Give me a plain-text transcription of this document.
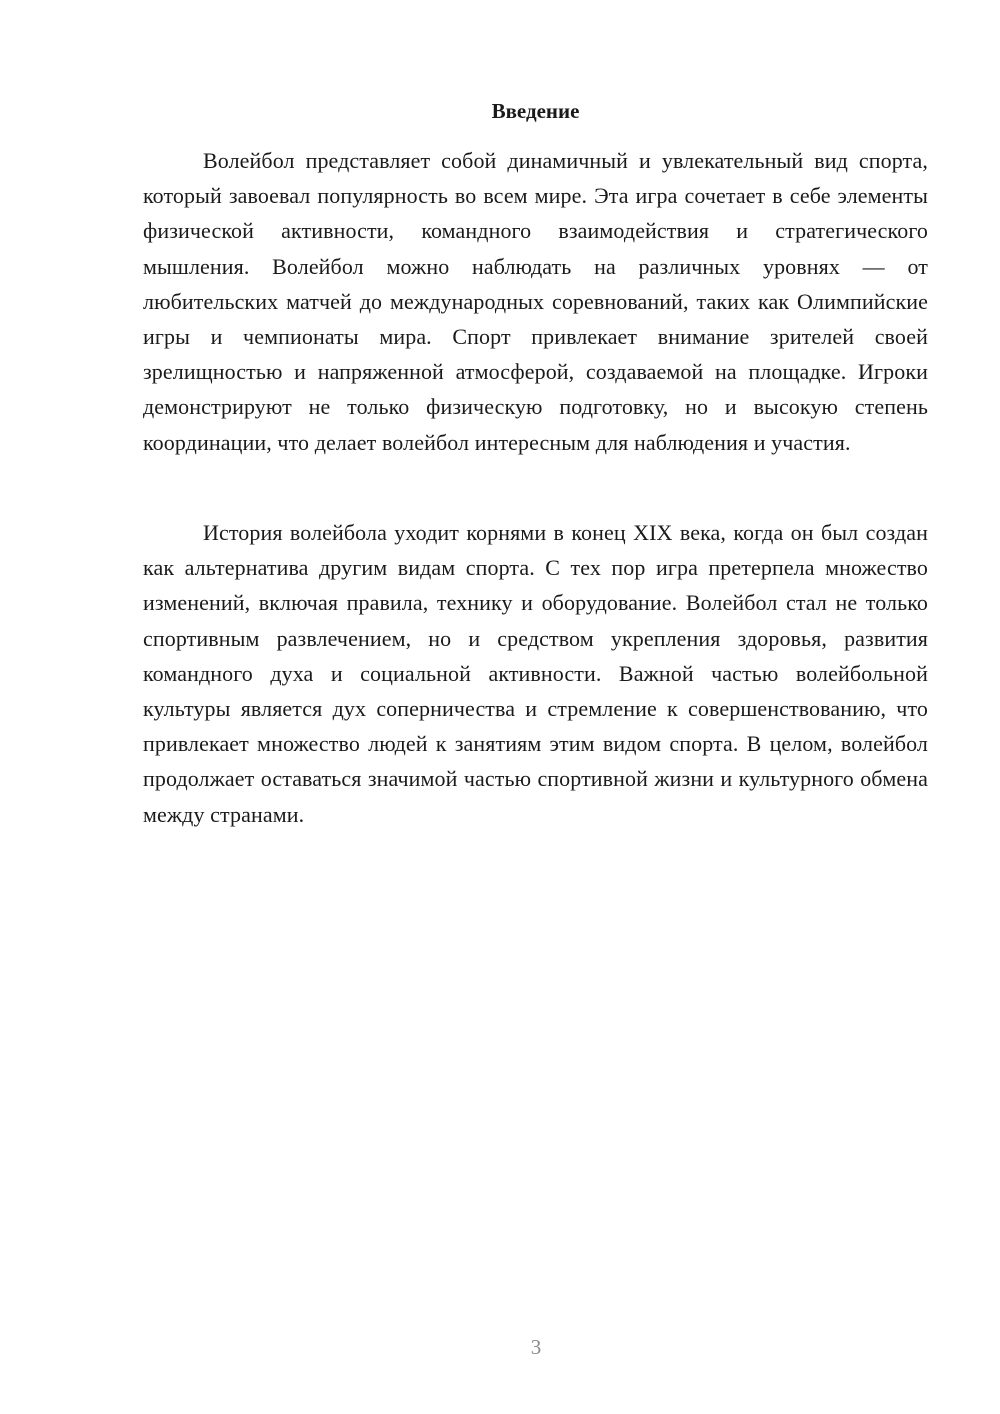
Введение

Волейбол представляет собой динамичный и увлекательный вид спорта, который завоевал популярность во всем мире. Эта игра сочетает в себе элементы физической активности, командного взаимодействия и стратегического мышления. Волейбол можно наблюдать на различных уровнях — от любительских матчей до международных соревнований, таких как Олимпийские игры и чемпионаты мира. Спорт привлекает внимание зрителей своей зрелищностью и напряженной атмосферой, создаваемой на площадке. Игроки демонстрируют не только физическую подготовку, но и высокую степень координации, что делает волейбол интересным для наблюдения и участия.

История волейбола уходит корнями в конец XIX века, когда он был создан как альтернатива другим видам спорта. С тех пор игра претерпела множество изменений, включая правила, технику и оборудование. Волейбол стал не только спортивным развлечением, но и средством укрепления здоровья, развития командного духа и социальной активности. Важной частью волейбольной культуры является дух соперничества и стремление к совершенствованию, что привлекает множество людей к занятиям этим видом спорта. В целом, волейбол продолжает оставаться значимой частью спортивной жизни и культурного обмена между странами.

3
